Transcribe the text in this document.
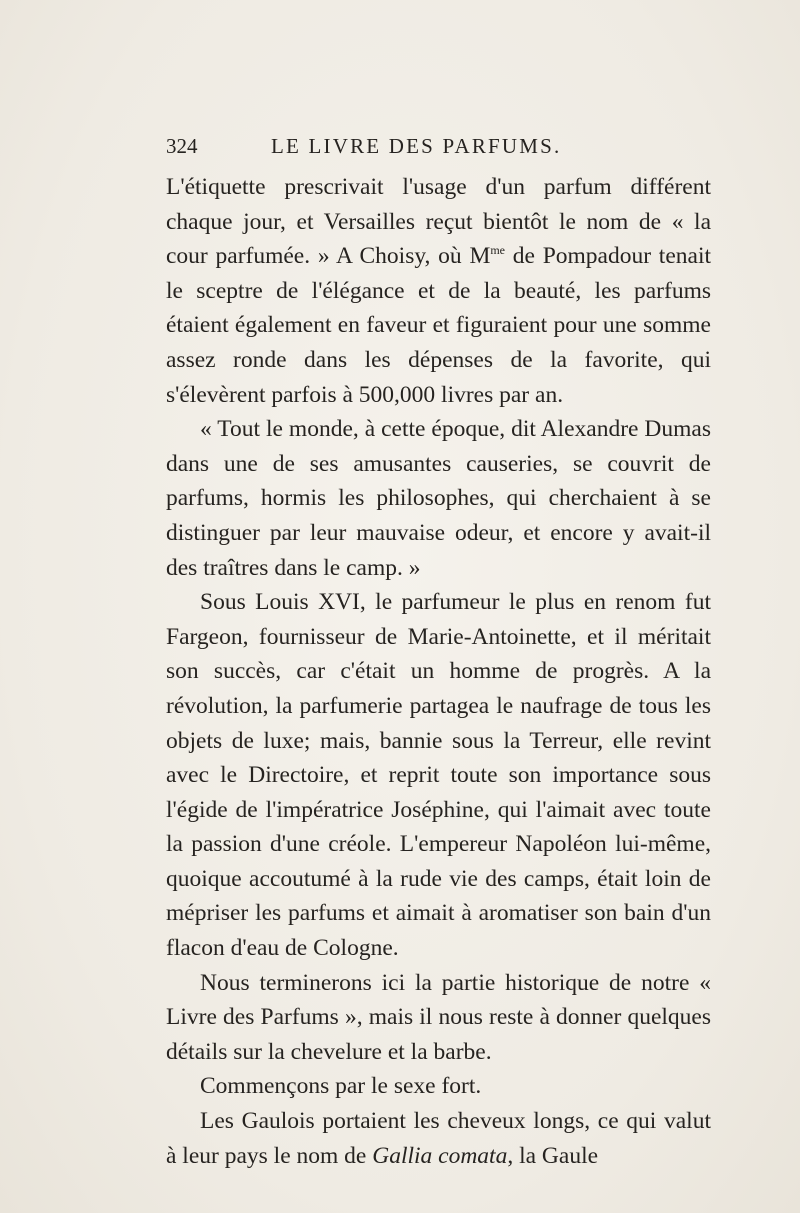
324	LE LIVRE DES PARFUMS.

L'étiquette prescrivait l'usage d'un parfum différent chaque jour, et Versailles reçut bientôt le nom de « la cour parfumée. » A Choisy, où $M^{me}$ de Pompadour tenait le sceptre de l'élégance et de la beauté, les parfums étaient également en faveur et figuraient pour une somme assez ronde dans les dépenses de la favorite, qui s'élevèrent parfois à 500,000 livres par an.

« Tout le monde, à cette époque, dit Alexandre Dumas dans une de ses amusantes causeries, se couvrit de parfums, hormis les philosophes, qui cherchaient à se distinguer par leur mauvaise odeur, et encore y avait-il des traîtres dans le camp. »

Sous Louis XVI, le parfumeur le plus en renom fut Fargeon, fournisseur de Marie-Antoinette, et il méritait son succès, car c'était un homme de progrès. A la révolution, la parfumerie partagea le naufrage de tous les objets de luxe; mais, bannie sous la Terreur, elle revint avec le Directoire, et reprit toute son importance sous l'égide de l'impératrice Joséphine, qui l'aimait avec toute la passion d'une créole. L'empereur Napoléon lui-même, quoique accoutumé à la rude vie des camps, était loin de mépriser les parfums et aimait à aromatiser son bain d'un flacon d'eau de Cologne.

Nous terminerons ici la partie historique de notre « Livre des Parfums », mais il nous reste à donner quelques détails sur la chevelure et la barbe.

Commençons par le sexe fort.

Les Gaulois portaient les cheveux longs, ce qui valut à leur pays le nom de Gallia comata, la Gaule
